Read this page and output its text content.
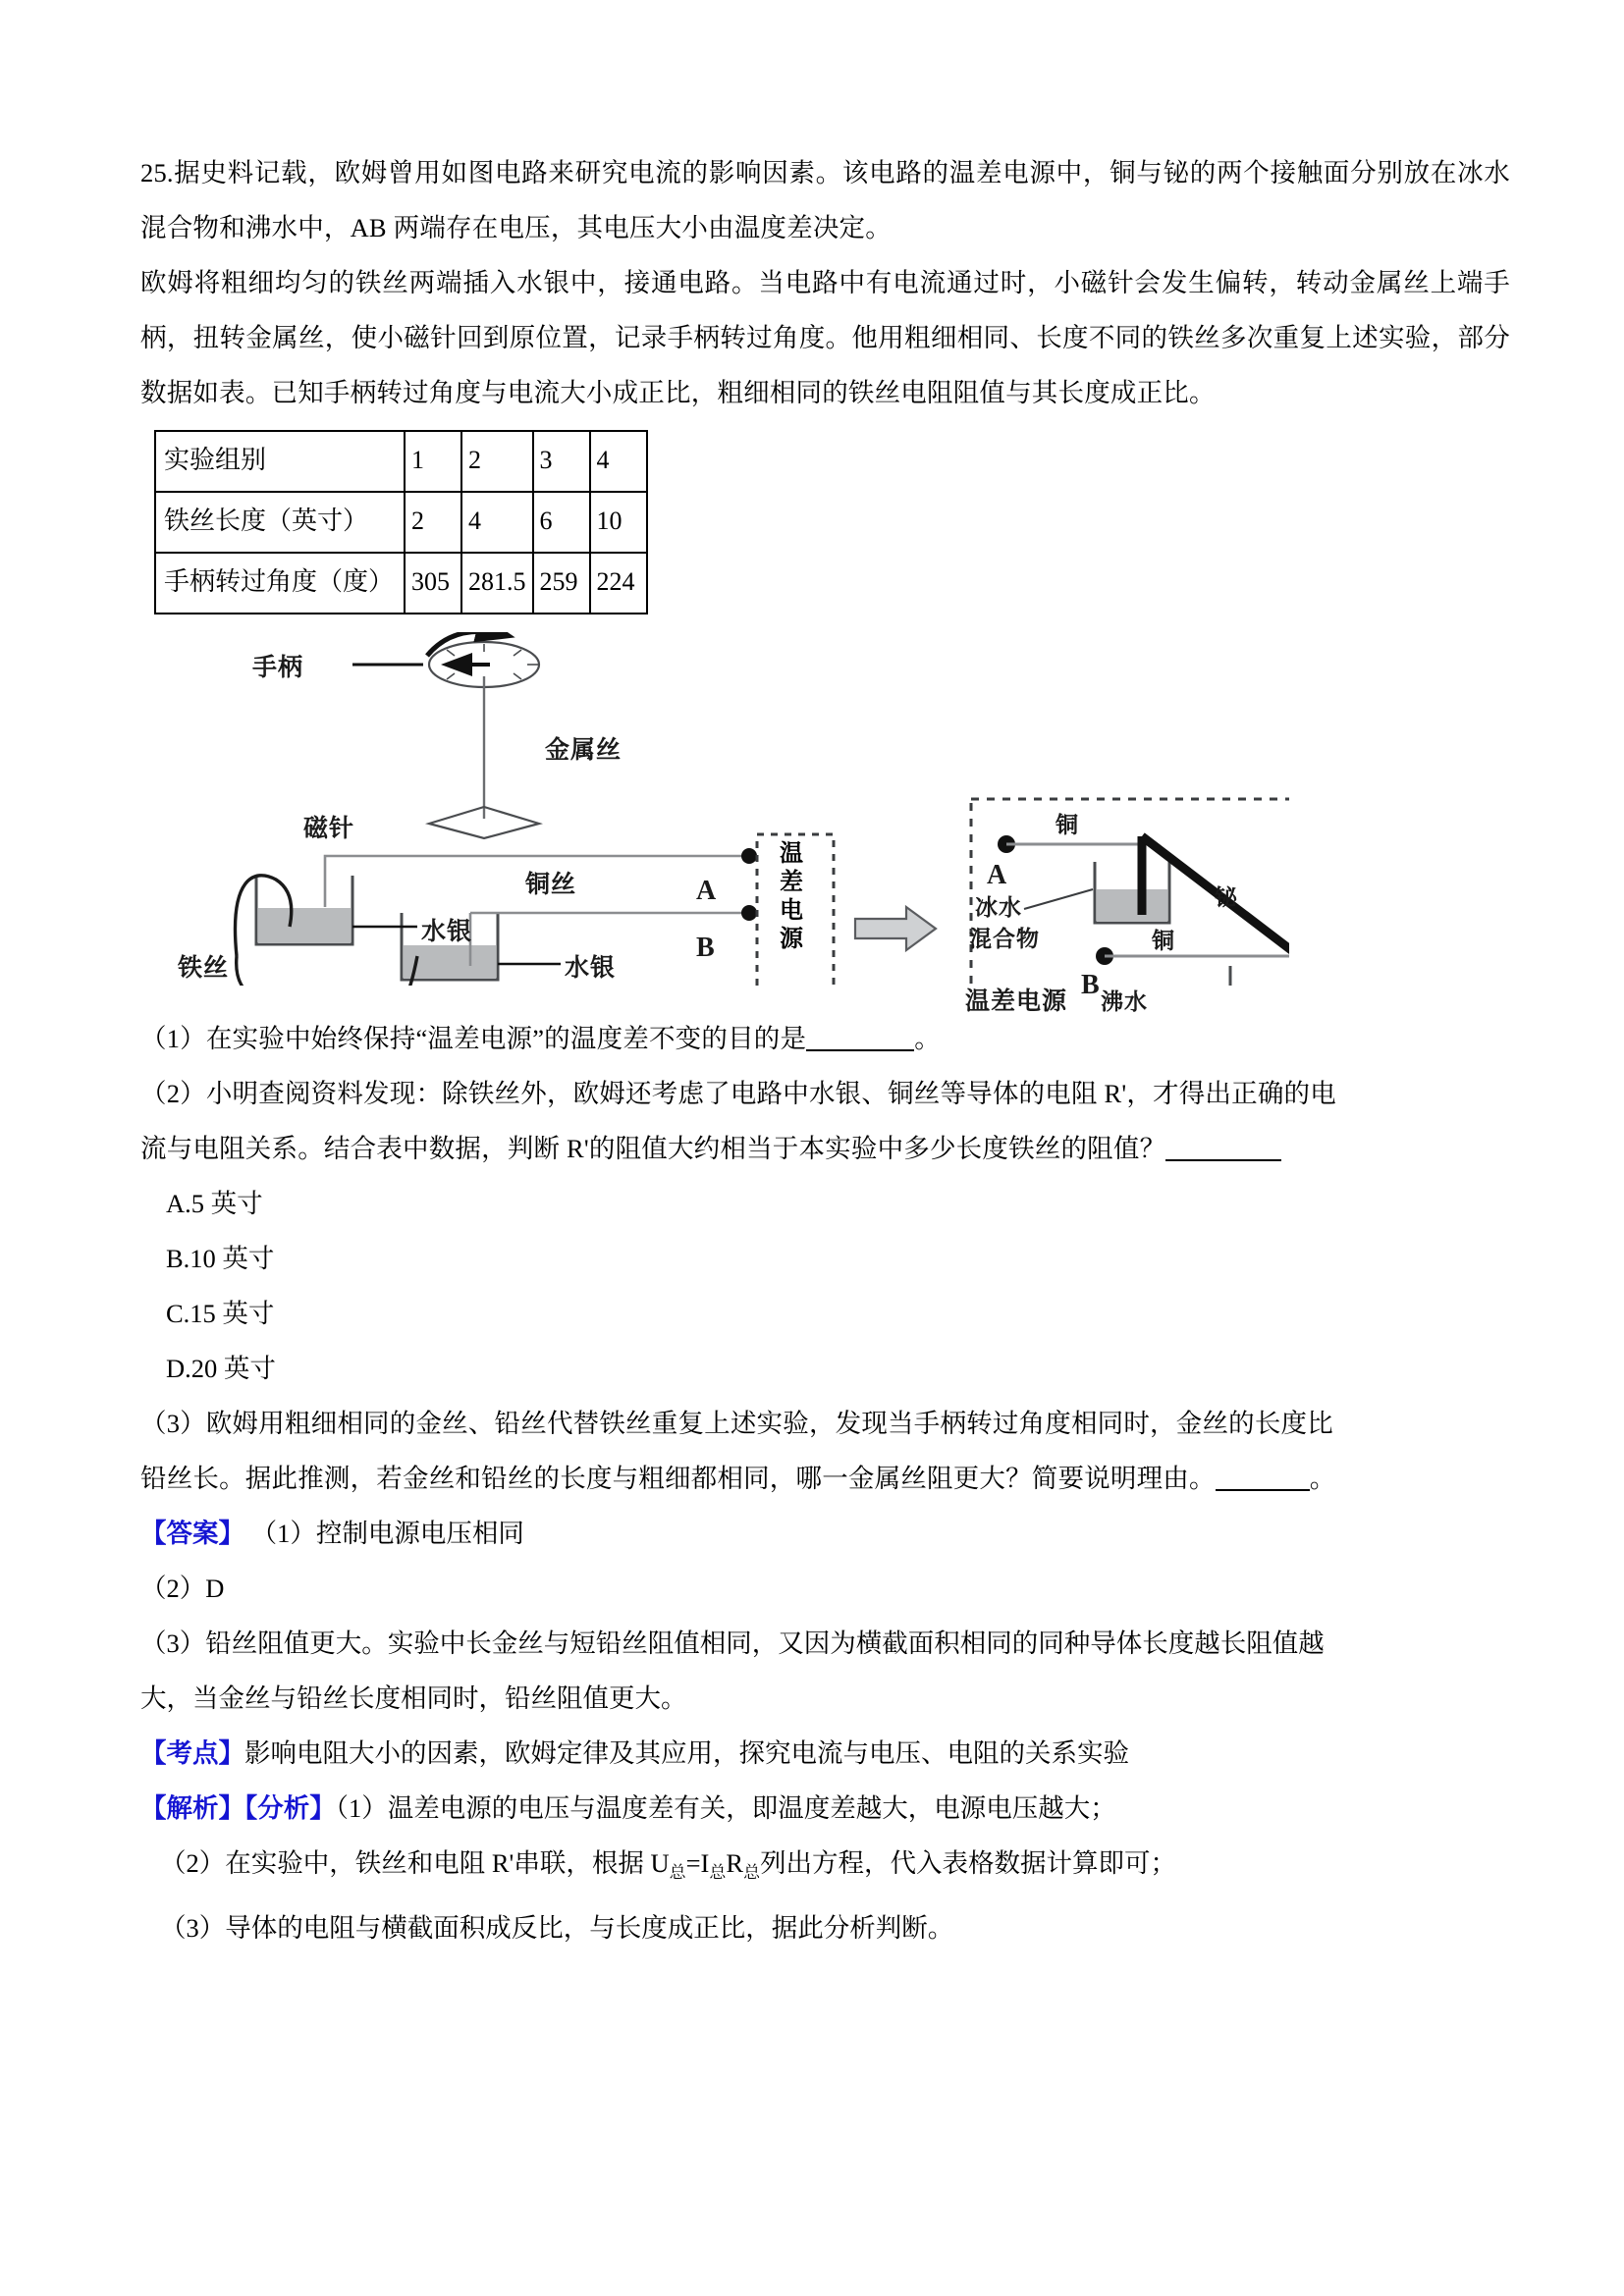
25.据史料记载，欧姆曾用如图电路来研究电流的影响因素。该电路的温差电源中，铜与铋的两个接触面分别放在冰水混合物和沸水中，AB 两端存在电压，其电压大小由温度差决定。

欧姆将粗细均匀的铁丝两端插入水银中，接通电路。当电路中有电流通过时，小磁针会发生偏转，转动金属丝上端手柄，扭转金属丝，使小磁针回到原位置，记录手柄转过角度。他用粗细相同、长度不同的铁丝多次重复上述实验，部分数据如表。已知手柄转过角度与电流大小成正比，粗细相同的铁丝电阻阻值与其长度成正比。

实验组别	1	2	3	4
铁丝长度（英寸）	2	4	6	10
手柄转过角度（度）	305	281.5	259	224
手柄
金属丝
磁针
铜丝	A
水银
铁丝	水银
B
温差电源
铜
A
冰水
混合物
铋
铜
B
沸水
温差电源

（1）在实验中始终保持“温差电源”的温度差不变的目的是	。

（2）小明查阅资料发现：除铁丝外，欧姆还考虑了电路中水银、铜丝等导体的电阻 R'，才得出正确的电

流与电阻关系。结合表中数据，判断 R'的阻值大约相当于本实验中多少长度铁丝的阻值？

A.5 英寸

B.10 英寸

C.15 英寸

D.20 英寸

（3）欧姆用粗细相同的金丝、铅丝代替铁丝重复上述实验，发现当手柄转过角度相同时，金丝的长度比

铅丝长。据此推测，若金丝和铅丝的长度与粗细都相同，哪一金属丝阻更大？简要说明理由。	。

【答案】 （1）控制电源电压相同

（2）D

（3）铅丝阻值更大。实验中长金丝与短铅丝阻值相同，又因为横截面积相同的同种导体长度越长阻值越

大，当金丝与铅丝长度相同时，铅丝阻值更大。

【考点】影响电阻大小的因素，欧姆定律及其应用，探究电流与电压、电阻的关系实验

【解析】【分析】（1）温差电源的电压与温度差有关，即温度差越大，电源电压越大；

（2）在实验中，铁丝和电阻 R'串联，根据 $U_总=I_总R_总$列出方程，代入表格数据计算即可；

（3）导体的电阻与横截面积成反比，与长度成正比，据此分析判断。
